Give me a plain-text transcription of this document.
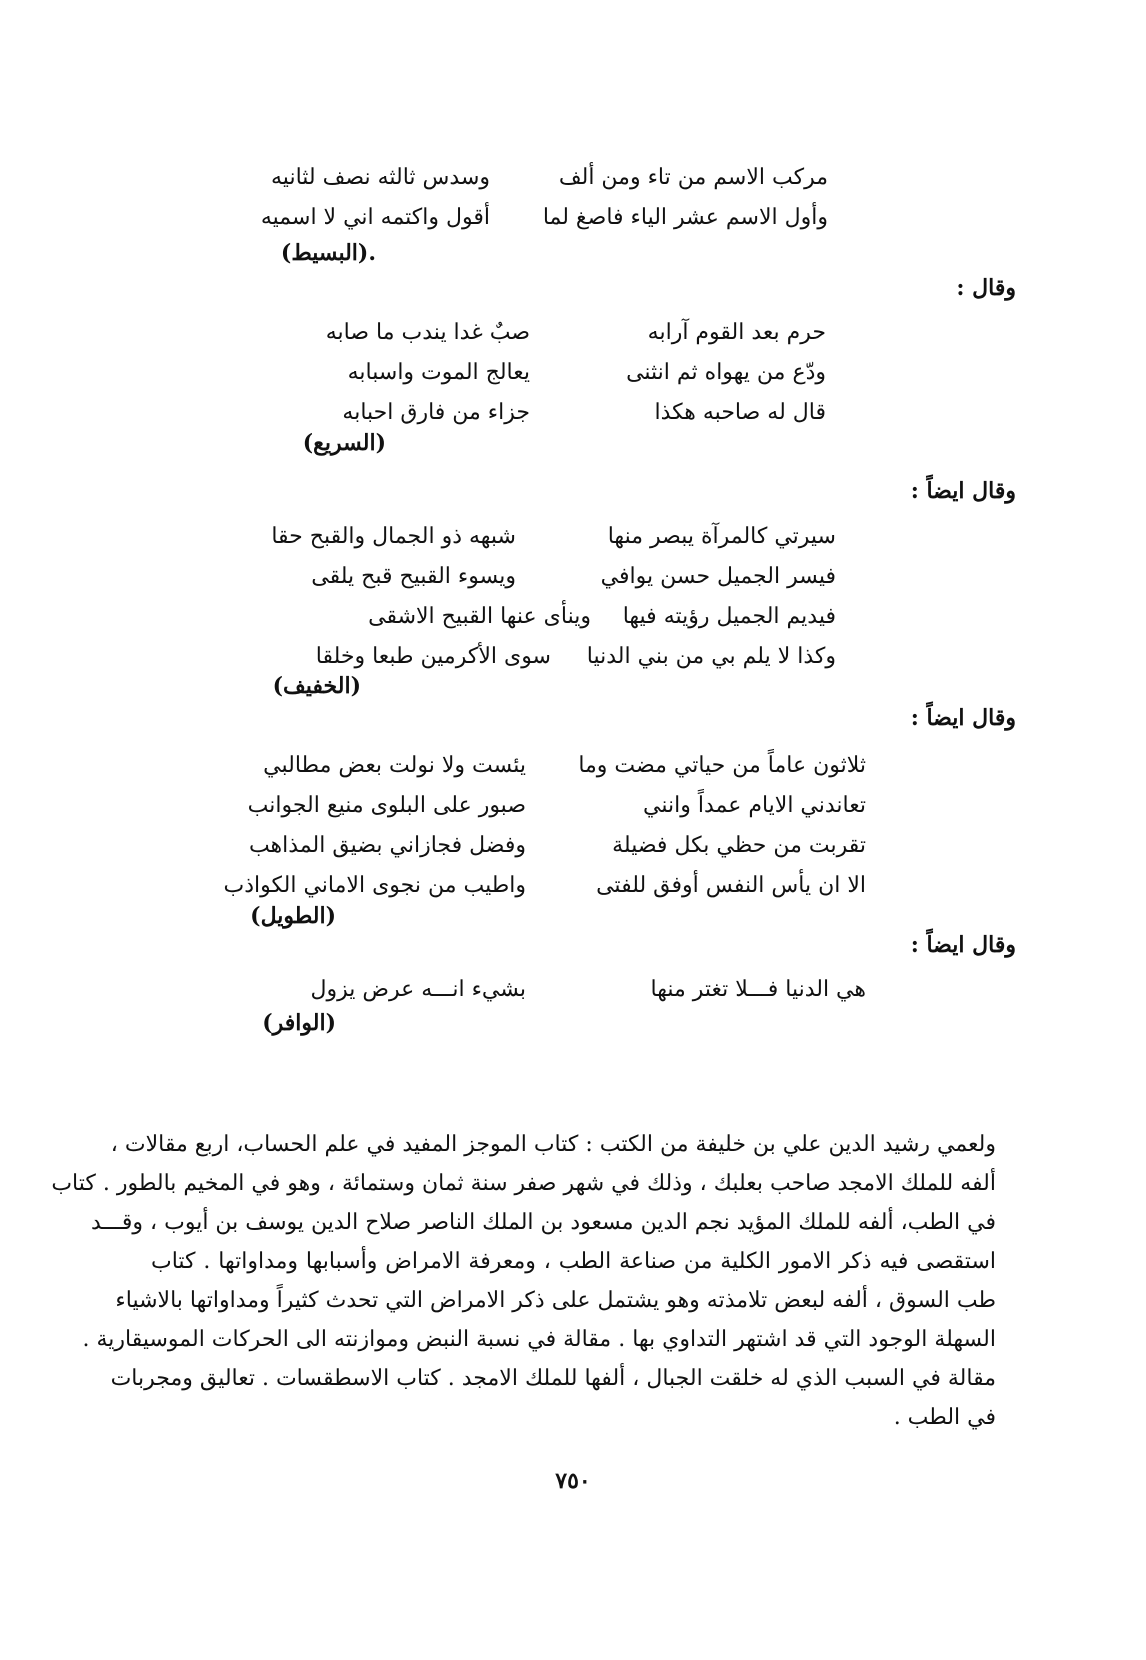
مركب الاسم من تاء ومن ألف
وسدس ثالثه نصف لثانيه
وأول الاسم عشر الياء فاصغ لما
أقول واكتمه اني لا اسميه
.(البسيط)
وقال :
حرم بعد القوم آرابه
صبٌ غدا يندب ما صابه
ودّع من يهواه ثم انثنى
يعالج الموت واسبابه
قال له صاحبه هكذا
جزاء من فارق احبابه
(السريع)
وقال ايضاً :
سيرتي كالمرآة يبصر منها
شبهه ذو الجمال والقبح حقا
فيسر الجميل حسن يوافي
ويسوء القبيح قبح يلقى
فيديم الجميل رؤيته فيها
وينأى عنها القبيح الاشقى
وكذا لا يلم بي من بني الدنيا
سوى الأكرمين طبعا وخلقا
(الخفيف)
وقال ايضاً :
ثلاثون عاماً من حياتي مضت وما
يئست ولا نولت بعض مطالبي
تعاندني الايام عمداً وانني
صبور على البلوى منيع الجوانب
تقربت من حظي بكل فضيلة
وفضل فجازاني بضيق المذاهب
الا ان يأس النفس أوفق للفتى
واطيب من نجوى الاماني الكواذب
(الطويل)
وقال ايضاً :
هي الدنيا فـــلا تغتر منها
بشيء انـــه عرض يزول
(الوافر)
ولعمي رشيد الدين علي بن خليفة من الكتب : كتاب الموجز المفيد في علم الحساب، اربع مقالات ،
ألفه للملك الامجد صاحب بعلبك ، وذلك في شهر صفر سنة ثمان وستمائة ، وهو في المخيم بالطور . كتاب
في الطب، ألفه للملك المؤيد نجم الدين مسعود بن الملك الناصر صلاح الدين يوسف بن أيوب ، وقـــد
استقصى فيه ذكر الامور الكلية من صناعة الطب ، ومعرفة الامراض وأسبابها ومداواتها . كتاب
طب السوق ، ألفه لبعض تلامذته وهو يشتمل على ذكر الامراض التي تحدث كثيراً ومداواتها بالاشياء
السهلة الوجود التي قد اشتهر التداوي بها . مقالة في نسبة النبض وموازنته الى الحركات الموسيقارية .
مقالة في السبب الذي له خلقت الجبال ، ألفها للملك الامجد . كتاب الاسطقسات . تعاليق ومجربات
في الطب .
٧٥٠
